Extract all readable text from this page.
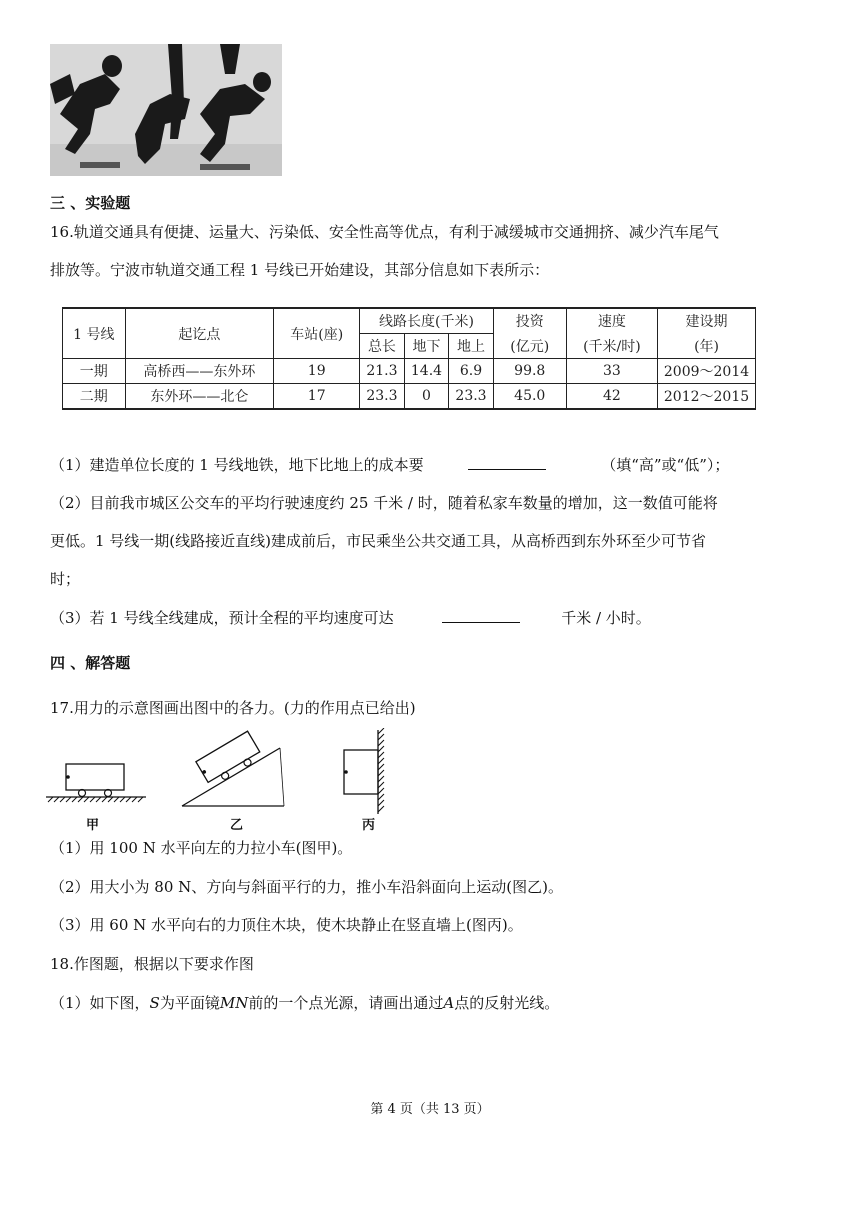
三 、实验题
16.轨道交通具有便捷、运量大、污染低、安全性高等优点，有利于减缓城市交通拥挤、减少汽车尾气
排放等。宁波市轨道交通工程 1 号线已开始建设，其部分信息如下表所示：
1 号线	起讫点	车站(座)	线路长度(千米)			投资	速度	建设期
			总长	地下	地上	(亿元)	(千米/时)	(年)
一期	高桥西——东外环	19	21.3	14.4	6.9	99.8	33	2009～2014
二期	东外环——北仑	17	23.3	0	23.3	45.0	42	2012～2015
（1）建造单位长度的 1 号线地铁，地下比地上的成本要	（填“高”或“低”）；
（2）目前我市城区公交车的平均行驶速度约 25 千米 / 时，随着私家车数量的增加，这一数值可能将
更低。1 号线一期(线路接近直线)建成前后，市民乘坐公共交通工具，从高桥西到东外环至少可节省
时；
（3）若 1 号线全线建成，预计全程的平均速度可达	千米 / 小时。
四 、解答题
17.用力的示意图画出图中的各力。(力的作用点已给出)
甲	乙	丙
（1）用 100 N 水平向左的力拉小车(图甲)。
（2）用大小为 80 N、方向与斜面平行的力，推小车沿斜面向上运动(图乙)。
（3）用 60 N 水平向右的力顶住木块，使木块静止在竖直墙上(图丙)。
18.作图题，根据以下要求作图
（1）如下图，S为平面镜MN前的一个点光源，请画出通过A点的反射光线。
第 4 页（共 13 页）
